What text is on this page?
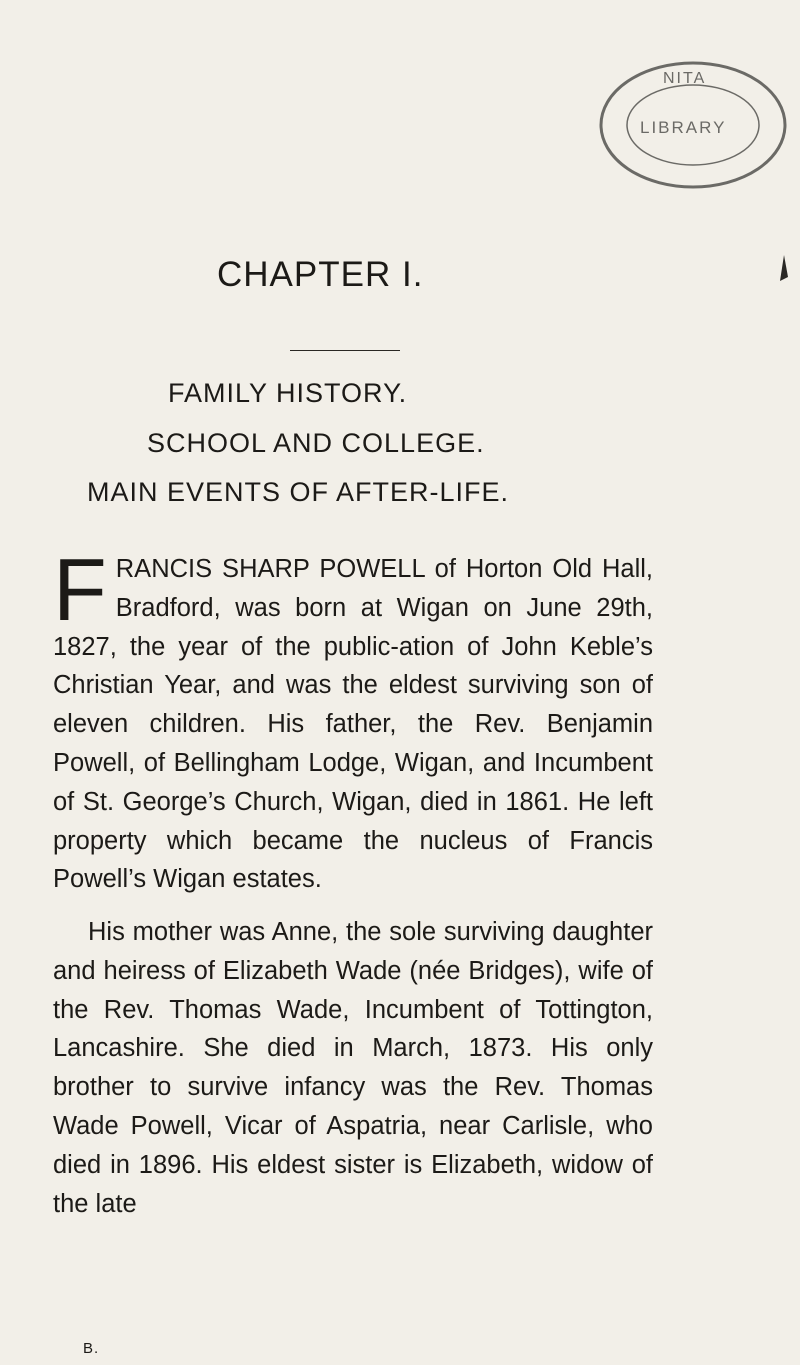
NITA
LIBRARY
CHAPTER I.

FAMILY HISTORY.

SCHOOL AND COLLEGE.

MAIN EVENTS OF AFTER-LIFE.

FRANCIS SHARP POWELL of Horton Old Hall, Bradford, was born at Wigan on June 29th, 1827, the year of the public-ation of John Keble’s Christian Year, and was the eldest surviving son of eleven children. His father, the Rev. Benjamin Powell, of Bellingham Lodge, Wigan, and Incumbent of St. George’s Church, Wigan, died in 1861. He left property which became the nucleus of Francis Powell’s Wigan estates.

His mother was Anne, the sole surviving daughter and heiress of Elizabeth Wade (née Bridges), wife of the Rev. Thomas Wade, Incumbent of Tottington, Lancashire. She died in March, 1873. His only brother to survive infancy was the Rev. Thomas Wade Powell, Vicar of Aspatria, near Carlisle, who died in 1896. His eldest sister is Elizabeth, widow of the late

B.
